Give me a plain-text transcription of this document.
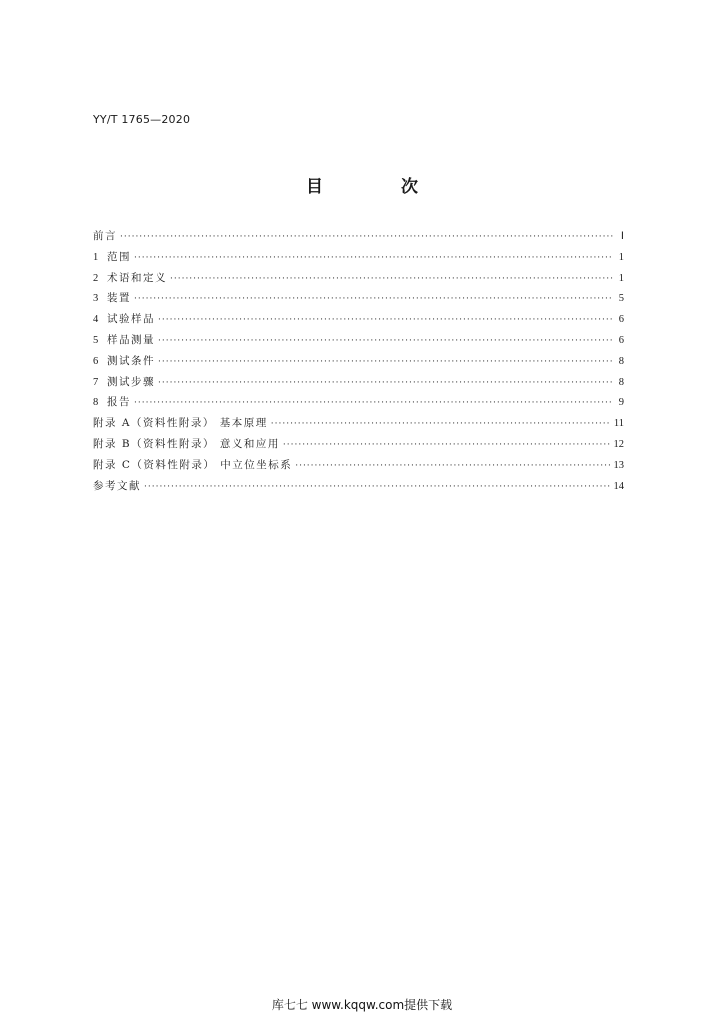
YY/T 1765—2020
目 次
前言 ·····	Ⅰ
1 范围 ·····	1
2 术语和定义 ·····	1
3 装置 ·····	5
4 试验样品 ·····	6
5 样品测量 ·····	6
6 测试条件 ·····	8
7 测试步骤 ·····	8
8 报告 ·····	9
附录 A（资料性附录） 基本原理 ·····	11
附录 B（资料性附录） 意义和应用 ·····	12
附录 C（资料性附录） 中立位坐标系 ·····	13
参考文献 ·····	14
库七七 www.kqqw.com提供下载
